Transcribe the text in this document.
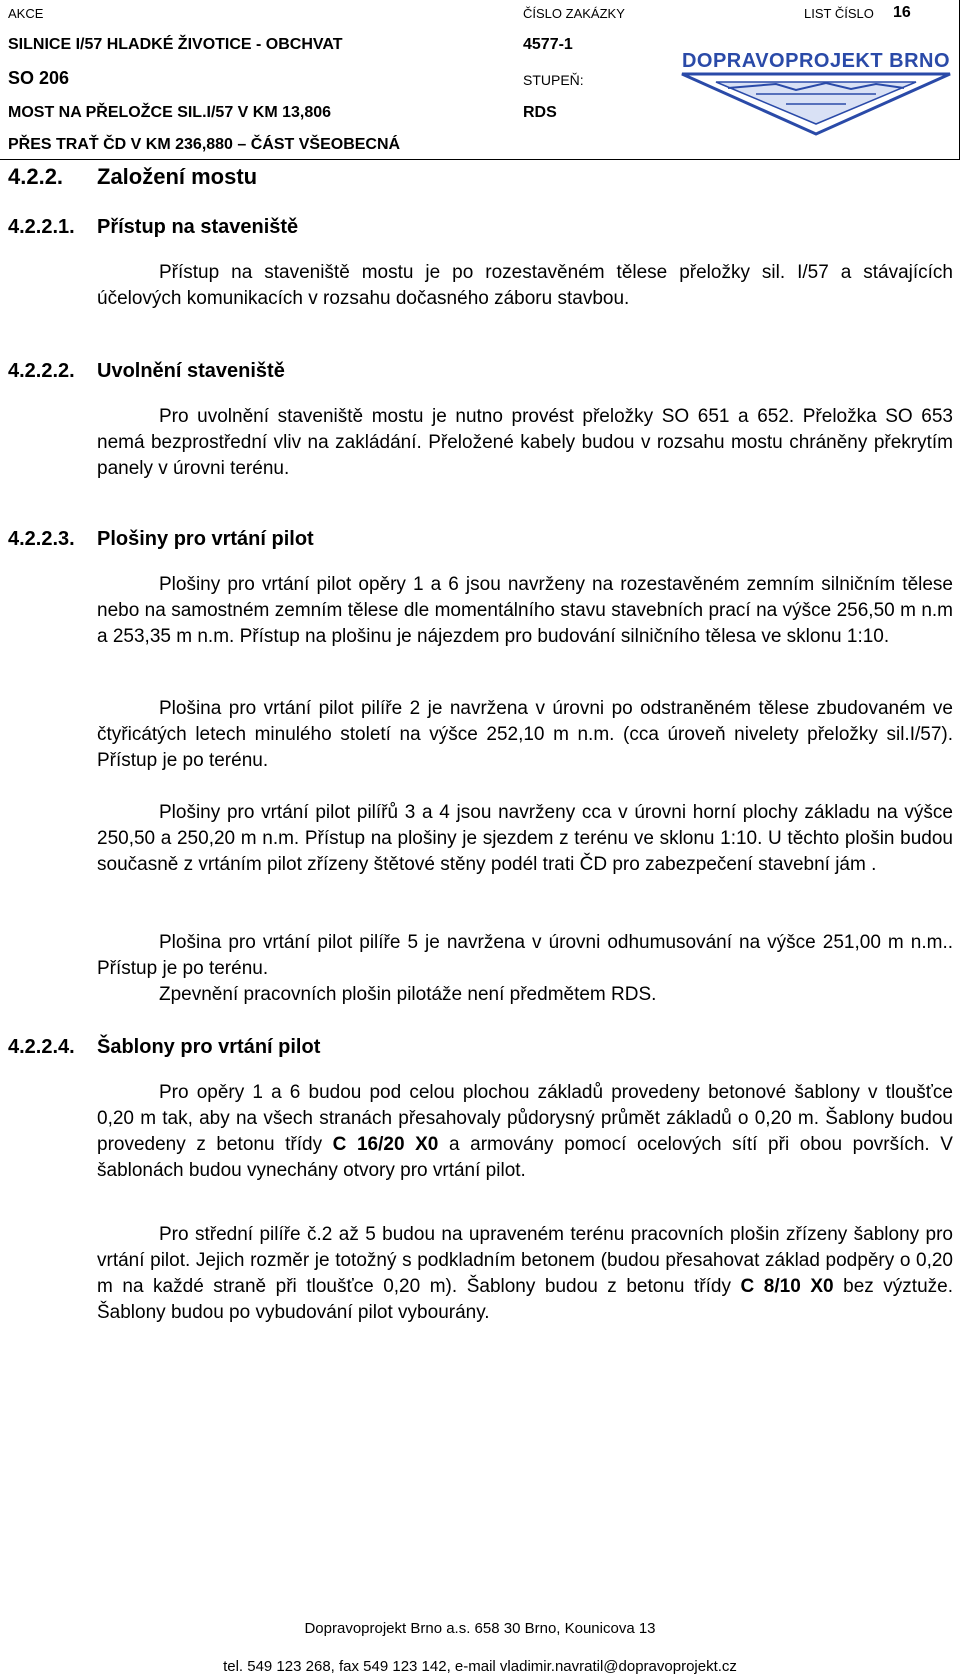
AKCE	ČÍSLO ZAKÁZKY	LIST ČÍSLO 16
SILNICE I/57 HLADKÉ ŽIVOTICE - OBCHVAT	4577-1
SO 206	STUPEŇ:
MOST NA PŘELOŽCE SIL.I/57 V KM 13,806	RDS
PŘES TRAŤ ČD V KM 236,880 – ČÁST VŠEOBECNÁ
DOPRAVOPROJEKT BRNO
4.2.2. Založení mostu
4.2.2.1. Přístup na staveniště

Přístup na staveniště mostu je po rozestavěném tělese přeložky sil. I/57 a stávajících účelových komunikacích v rozsahu dočasného záboru stavbou.

4.2.2.2. Uvolnění staveniště

Pro uvolnění staveniště mostu je nutno provést přeložky SO 651 a 652. Přeložka SO 653 nemá bezprostřední vliv na zakládání. Přeložené kabely budou v rozsahu mostu chráněny překrytím panely v úrovni terénu.

4.2.2.3. Plošiny pro vrtání pilot

Plošiny pro vrtání pilot opěry 1 a 6 jsou navrženy na rozestavěném zemním silničním tělese nebo na samostném zemním tělese dle momentálního stavu stavebních prací na výšce 256,50 m n.m a 253,35 m n.m. Přístup na plošinu je nájezdem pro budování silničního tělesa ve sklonu 1:10.

Plošina pro vrtání pilot pilíře 2 je navržena v úrovni po odstraněném tělese zbudovaném ve čtyřicátých letech minulého století na výšce 252,10 m n.m. (cca úroveň nivelety přeložky sil.I/57). Přístup je po terénu.

Plošiny pro vrtání pilot pilířů 3 a 4 jsou navrženy cca v úrovni horní plochy základu na výšce 250,50 a 250,20 m n.m. Přístup na plošiny je sjezdem z terénu ve sklonu 1:10. U těchto plošin budou současně z vrtáním pilot zřízeny štětové stěny podél trati ČD pro zabezpečení stavební jám .

Plošina pro vrtání pilot pilíře 5 je navržena v úrovni odhumusování na výšce 251,00 m n.m.. Přístup je po terénu.

Zpevnění pracovních plošin pilotáže není předmětem RDS.

4.2.2.4. Šablony pro vrtání pilot

Pro opěry 1 a 6 budou pod celou plochou základů provedeny betonové šablony v tloušťce 0,20 m tak, aby na všech stranách přesahovaly půdorysný průmět základů o 0,20 m. Šablony budou provedeny z betonu třídy C 16/20 X0 a armovány pomocí ocelových sítí při obou površích. V šablonách budou vynechány otvory pro vrtání pilot.

Pro střední pilíře č.2 až 5 budou na upraveném terénu pracovních plošin zřízeny šablony pro vrtání pilot. Jejich rozměr je totožný s podkladním betonem (budou přesahovat základ podpěry o 0,20 m na každé straně při tloušťce 0,20 m). Šablony budou z betonu třídy C 8/10 X0 bez výztuže. Šablony budou po vybudování pilot vybourány.

Dopravoprojekt Brno a.s. 658 30 Brno, Kounicova 13
tel. 549 123 268, fax 549 123 142, e-mail vladimir.navratil@dopravoprojekt.cz
